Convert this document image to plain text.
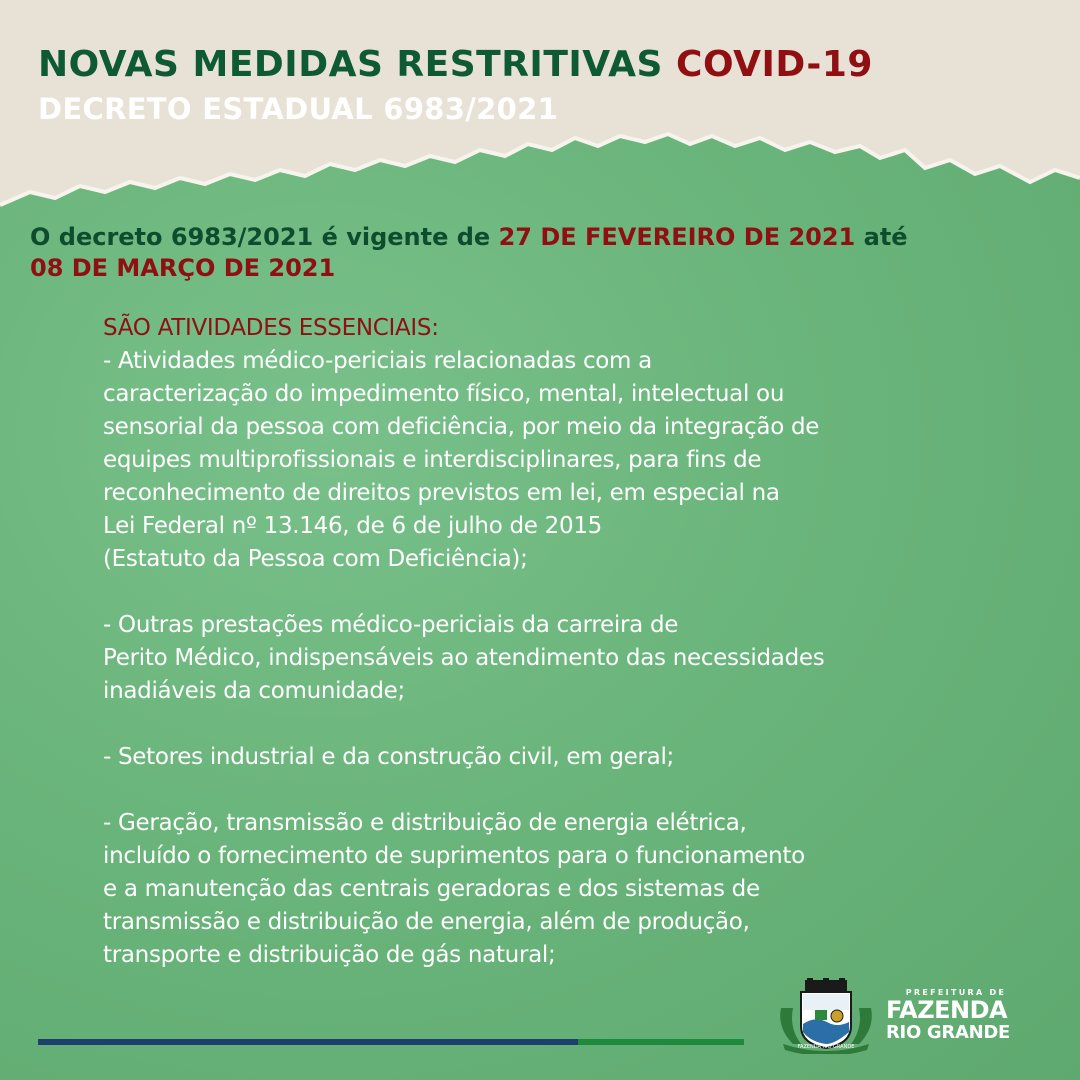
NOVAS MEDIDAS RESTRITIVAS COVID-19
DECRETO ESTADUAL 6983/2021

O decreto 6983/2021 é vigente de 27 DE FEVEREIRO DE 2021 até
08 DE MARÇO DE 2021

SÃO ATIVIDADES ESSENCIAIS:
- Atividades médico-periciais relacionadas com a
caracterização do impedimento físico, mental, intelectual ou
sensorial da pessoa com deficiência, por meio da integração de
equipes multiprofissionais e interdisciplinares, para fins de
reconhecimento de direitos previstos em lei, em especial na
Lei Federal nº 13.146, de 6 de julho de 2015
(Estatuto da Pessoa com Deficiência);
- Outras prestações médico-periciais da carreira de
Perito Médico, indispensáveis ao atendimento das necessidades
inadiáveis da comunidade;
- Setores industrial e da construção civil, em geral;
- Geração, transmissão e distribuição de energia elétrica,
incluído o fornecimento de suprimentos para o funcionamento
e a manutenção das centrais geradoras e dos sistemas de
transmissão e distribuição de energia, além de produção,
transporte e distribuição de gás natural;
FAZENDA RIO GRANDE
PREFEITURA DE
FAZENDA
RIO GRANDE
